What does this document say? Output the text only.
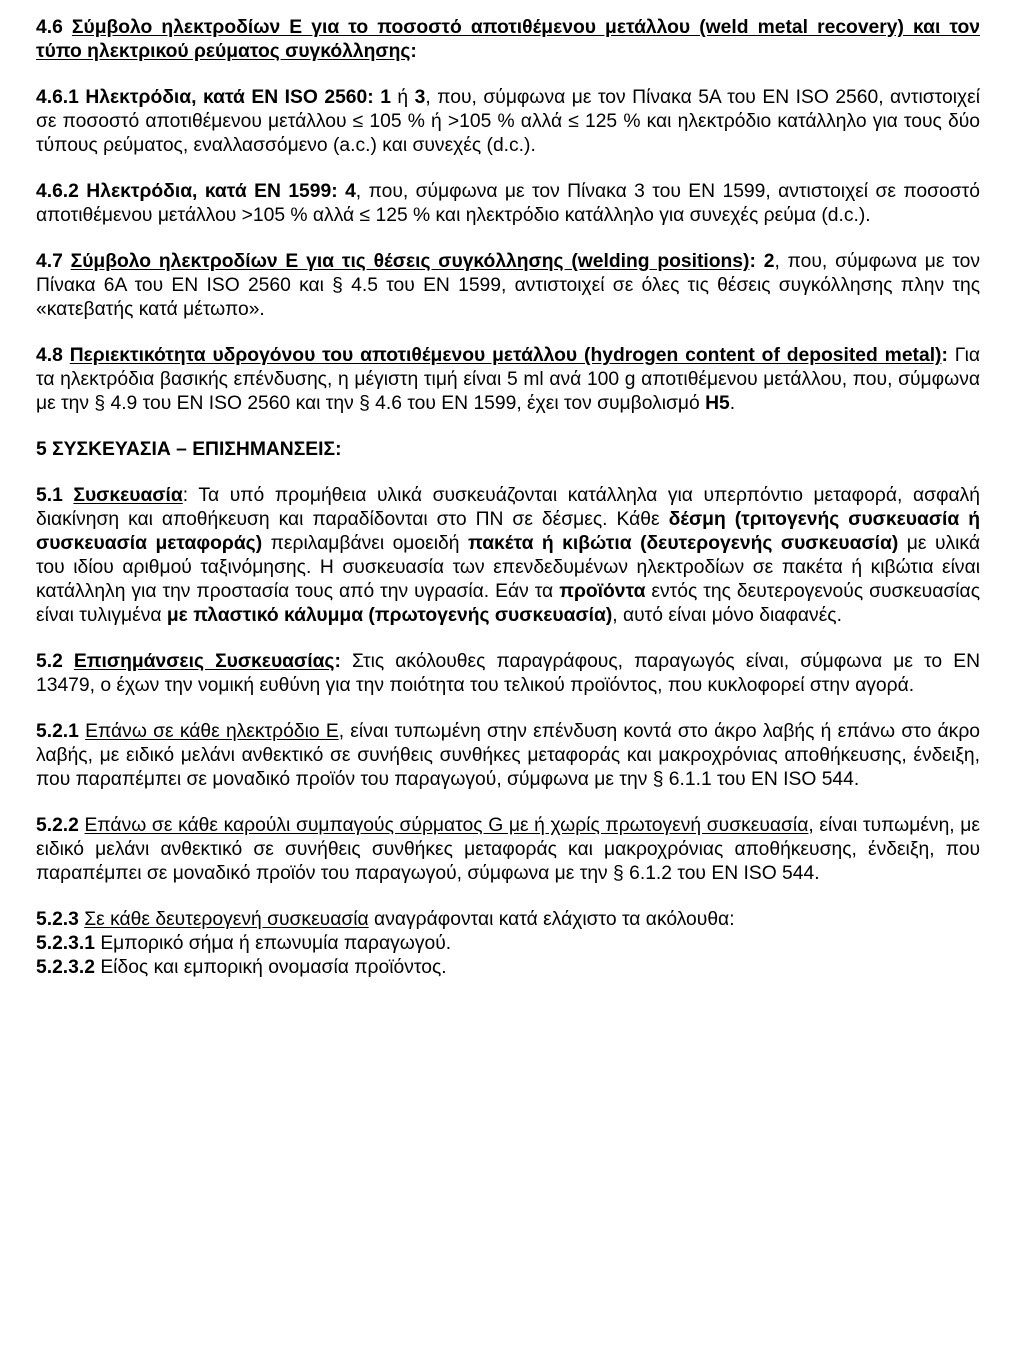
4.6 Σύμβολο ηλεκτροδίων Ε για το ποσοστό αποτιθέμενου μετάλλου (weld metal recovery) και τον τύπο ηλεκτρικού ρεύματος συγκόλλησης:

4.6.1 Ηλεκτρόδια, κατά EN ISO 2560: 1 ή 3, που, σύμφωνα με τον Πίνακα 5A του EN ISO 2560, αντιστοιχεί σε ποσοστό αποτιθέμενου μετάλλου ≤ 105 % ή >105 % αλλά ≤ 125 % και ηλεκτρόδιο κατάλληλο για τους δύο τύπους ρεύματος, εναλλασσόμενο (a.c.) και συνεχές (d.c.).

4.6.2 Ηλεκτρόδια, κατά EN 1599: 4, που, σύμφωνα με τον Πίνακα 3 του EN 1599, αντιστοιχεί σε ποσοστό αποτιθέμενου μετάλλου >105 % αλλά ≤ 125 % και ηλεκτρόδιο κατάλληλο για συνεχές ρεύμα (d.c.).

4.7 Σύμβολο ηλεκτροδίων Ε για τις θέσεις συγκόλλησης (welding positions): 2, που, σύμφωνα με τον Πίνακα 6A του EN ISO 2560 και § 4.5 του EN 1599, αντιστοιχεί σε όλες τις θέσεις συγκόλλησης πλην της «κατεβατής κατά μέτωπο».

4.8 Περιεκτικότητα υδρογόνου του αποτιθέμενου μετάλλου (hydrogen content of deposited metal): Για τα ηλεκτρόδια βασικής επένδυσης, η μέγιστη τιμή είναι 5 ml ανά 100 g αποτιθέμενου μετάλλου, που, σύμφωνα με την § 4.9 του EN ISO 2560 και την § 4.6 του EN 1599, έχει τον συμβολισμό H5.

5 ΣΥΣΚΕΥΑΣΙΑ – ΕΠΙΣΗΜΑΝΣΕΙΣ:

5.1 Συσκευασία: Τα υπό προμήθεια υλικά συσκευάζονται κατάλληλα για υπερπόντιο μεταφορά, ασφαλή διακίνηση και αποθήκευση και παραδίδονται στο ΠΝ σε δέσμες. Κάθε δέσμη (τριτογενής συσκευασία ή συσκευασία μεταφοράς) περιλαμβάνει ομοειδή πακέτα ή κιβώτια (δευτερογενής συσκευασία) με υλικά του ιδίου αριθμού ταξινόμησης. Η συσκευασία των επενδεδυμένων ηλεκτροδίων σε πακέτα ή κιβώτια είναι κατάλληλη για την προστασία τους από την υγρασία. Εάν τα προϊόντα εντός της δευτερογενούς συσκευασίας είναι τυλιγμένα με πλαστικό κάλυμμα (πρωτογενής συσκευασία), αυτό είναι μόνο διαφανές.

5.2 Επισημάνσεις Συσκευασίας: Στις ακόλουθες παραγράφους, παραγωγός είναι, σύμφωνα με το EN 13479, ο έχων την νομική ευθύνη για την ποιότητα του τελικού προϊόντος, που κυκλοφορεί στην αγορά.

5.2.1 Επάνω σε κάθε ηλεκτρόδιο Ε, είναι τυπωμένη στην επένδυση κοντά στο άκρο λαβής ή επάνω στο άκρο λαβής, με ειδικό μελάνι ανθεκτικό σε συνήθεις συνθήκες μεταφοράς και μακροχρόνιας αποθήκευσης, ένδειξη, που παραπέμπει σε μοναδικό προϊόν του παραγωγού, σύμφωνα με την § 6.1.1 του EN ISO 544.

5.2.2 Επάνω σε κάθε καρούλι συμπαγούς σύρματος G με ή χωρίς πρωτογενή συσκευασία, είναι τυπωμένη, με ειδικό μελάνι ανθεκτικό σε συνήθεις συνθήκες μεταφοράς και μακροχρόνιας αποθήκευσης, ένδειξη, που παραπέμπει σε μοναδικό προϊόν του παραγωγού, σύμφωνα με την § 6.1.2 του EN ISO 544.

5.2.3 Σε κάθε δευτερογενή συσκευασία αναγράφονται κατά ελάχιστο τα ακόλουθα:

5.2.3.1 Εμπορικό σήμα ή επωνυμία παραγωγού.

5.2.3.2 Είδος και εμπορική ονομασία προϊόντος.
